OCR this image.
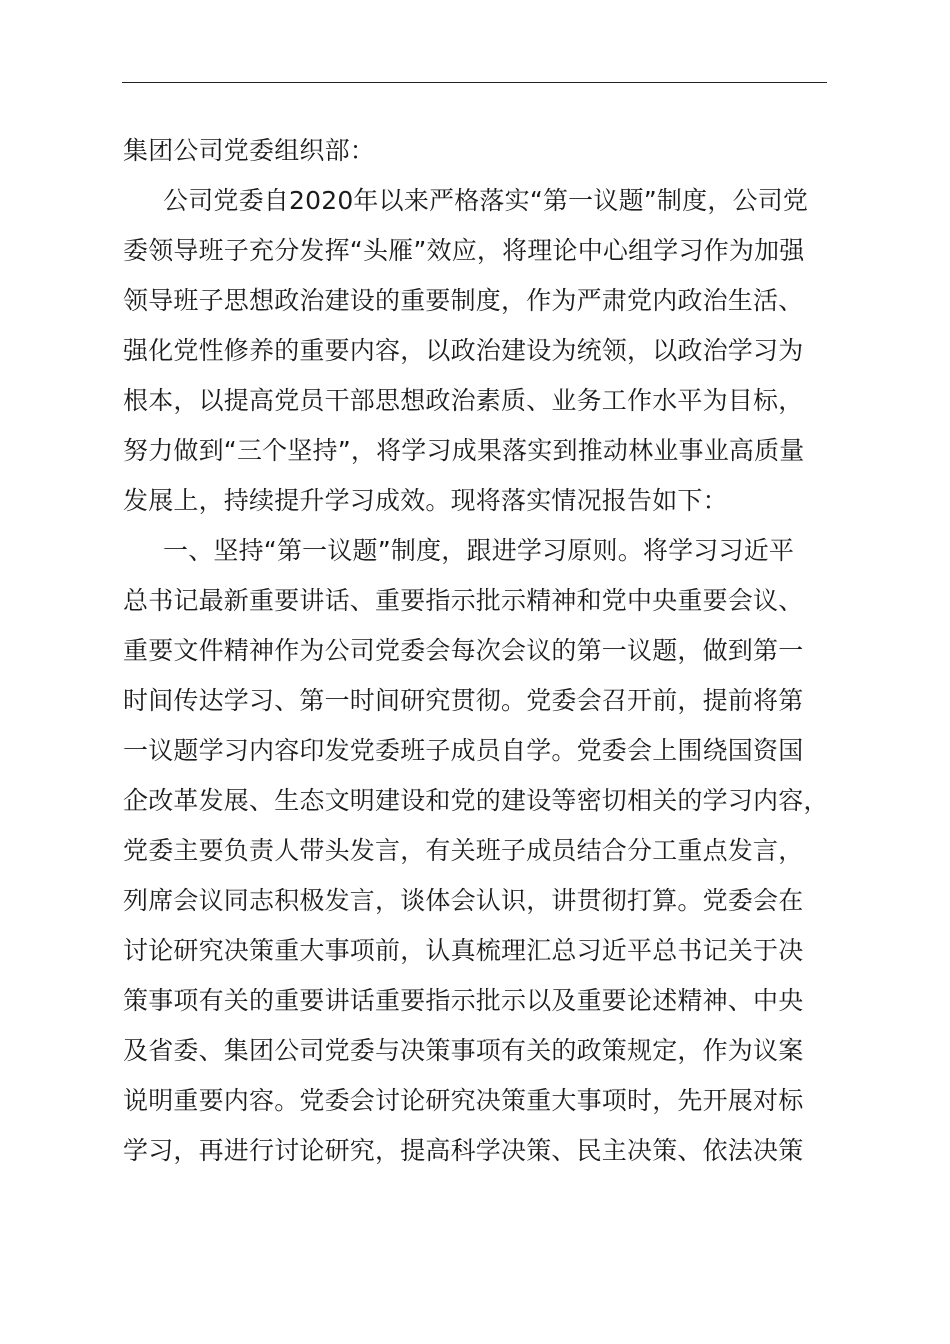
集团公司党委组织部：
公司党委自2020年以来严格落实“第一议题”制度，公司党
委领导班子充分发挥“头雁”效应，将理论中心组学习作为加强
领导班子思想政治建设的重要制度，作为严肃党内政治生活、
强化党性修养的重要内容，以政治建设为统领，以政治学习为
根本，以提高党员干部思想政治素质、业务工作水平为目标，
努力做到“三个坚持”，将学习成果落实到推动林业事业高质量
发展上，持续提升学习成效。现将落实情况报告如下：
一、坚持“第一议题”制度，跟进学习原则。将学习习近平
总书记最新重要讲话、重要指示批示精神和党中央重要会议、
重要文件精神作为公司党委会每次会议的第一议题，做到第一
时间传达学习、第一时间研究贯彻。党委会召开前，提前将第
一议题学习内容印发党委班子成员自学。党委会上围绕国资国
企改革发展、生态文明建设和党的建设等密切相关的学习内容，
党委主要负责人带头发言，有关班子成员结合分工重点发言，
列席会议同志积极发言，谈体会认识，讲贯彻打算。党委会在
讨论研究决策重大事项前，认真梳理汇总习近平总书记关于决
策事项有关的重要讲话重要指示批示以及重要论述精神、中央
及省委、集团公司党委与决策事项有关的政策规定，作为议案
说明重要内容。党委会讨论研究决策重大事项时，先开展对标
学习，再进行讨论研究，提高科学决策、民主决策、依法决策
